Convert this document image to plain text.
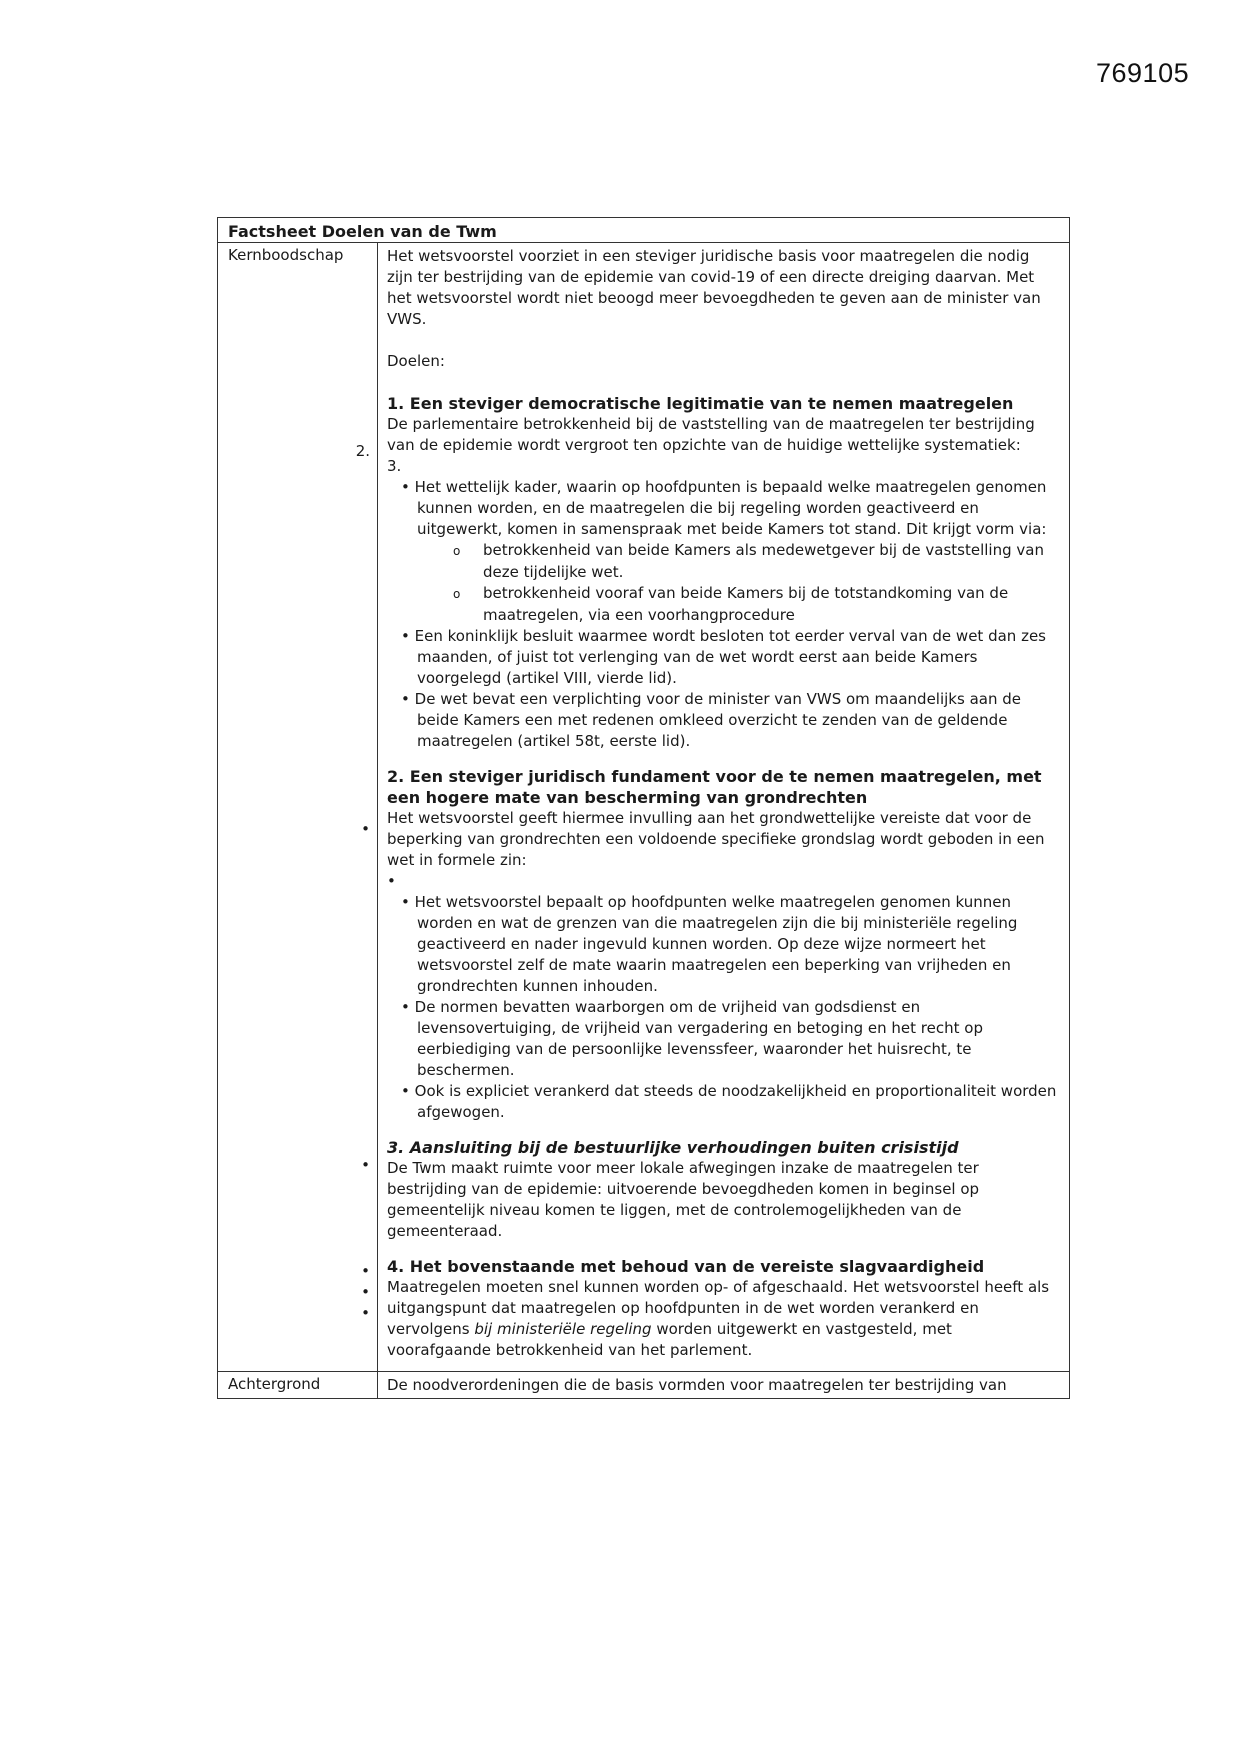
769105
Factsheet Doelen van de Twm
Kernboodschap
2.
•
•
•
•
•
Het wetsvoorstel voorziet in een steviger juridische basis voor maatregelen die nodig zijn ter bestrijding van de epidemie van covid-19 of een directe dreiging daarvan. Met het wetsvoorstel wordt niet beoogd meer bevoegdheden te geven aan de minister van VWS.
Doelen:
1. Een steviger democratische legitimatie van te nemen maatregelen
De parlementaire betrokkenheid bij de vaststelling van de maatregelen ter bestrijding van de epidemie wordt vergroot ten opzichte van de huidige wettelijke systematiek:
3.
• Het wettelijk kader, waarin op hoofdpunten is bepaald welke maatregelen genomen kunnen worden, en de maatregelen die bij regeling worden geactiveerd en uitgewerkt, komen in samenspraak met beide Kamers tot stand. Dit krijgt vorm via:
o betrokkenheid van beide Kamers als medewetgever bij de vaststelling van deze tijdelijke wet.
o betrokkenheid vooraf van beide Kamers bij de totstandkoming van de maatregelen, via een voorhangprocedure
• Een koninklijk besluit waarmee wordt besloten tot eerder verval van de wet dan zes maanden, of juist tot verlenging van de wet wordt eerst aan beide Kamers voorgelegd (artikel VIII, vierde lid).
• De wet bevat een verplichting voor de minister van VWS om maandelijks aan de beide Kamers een met redenen omkleed overzicht te zenden van de geldende maatregelen (artikel 58t, eerste lid).
2. Een steviger juridisch fundament voor de te nemen maatregelen, met een hogere mate van bescherming van grondrechten
Het wetsvoorstel geeft hiermee invulling aan het grondwettelijke vereiste dat voor de beperking van grondrechten een voldoende specifieke grondslag wordt geboden in een wet in formele zin:
•
• Het wetsvoorstel bepaalt op hoofdpunten welke maatregelen genomen kunnen worden en wat de grenzen van die maatregelen zijn die bij ministeriële regeling geactiveerd en nader ingevuld kunnen worden. Op deze wijze normeert het wetsvoorstel zelf de mate waarin maatregelen een beperking van vrijheden en grondrechten kunnen inhouden.
• De normen bevatten waarborgen om de vrijheid van godsdienst en levensovertuiging, de vrijheid van vergadering en betoging en het recht op eerbiediging van de persoonlijke levenssfeer, waaronder het huisrecht, te beschermen.
• Ook is expliciet verankerd dat steeds de noodzakelijkheid en proportionaliteit worden afgewogen.
3. Aansluiting bij de bestuurlijke verhoudingen buiten crisistijd
De Twm maakt ruimte voor meer lokale afwegingen inzake de maatregelen ter bestrijding van de epidemie: uitvoerende bevoegdheden komen in beginsel op gemeentelijk niveau komen te liggen, met de controlemogelijkheden van de gemeenteraad.
4. Het bovenstaande met behoud van de vereiste slagvaardigheid
Maatregelen moeten snel kunnen worden op- of afgeschaald. Het wetsvoorstel heeft als uitgangspunt dat maatregelen op hoofdpunten in de wet worden verankerd en vervolgens bij ministeriële regeling worden uitgewerkt en vastgesteld, met voorafgaande betrokkenheid van het parlement.
Achtergrond	De noodverordeningen die de basis vormden voor maatregelen ter bestrijding van
